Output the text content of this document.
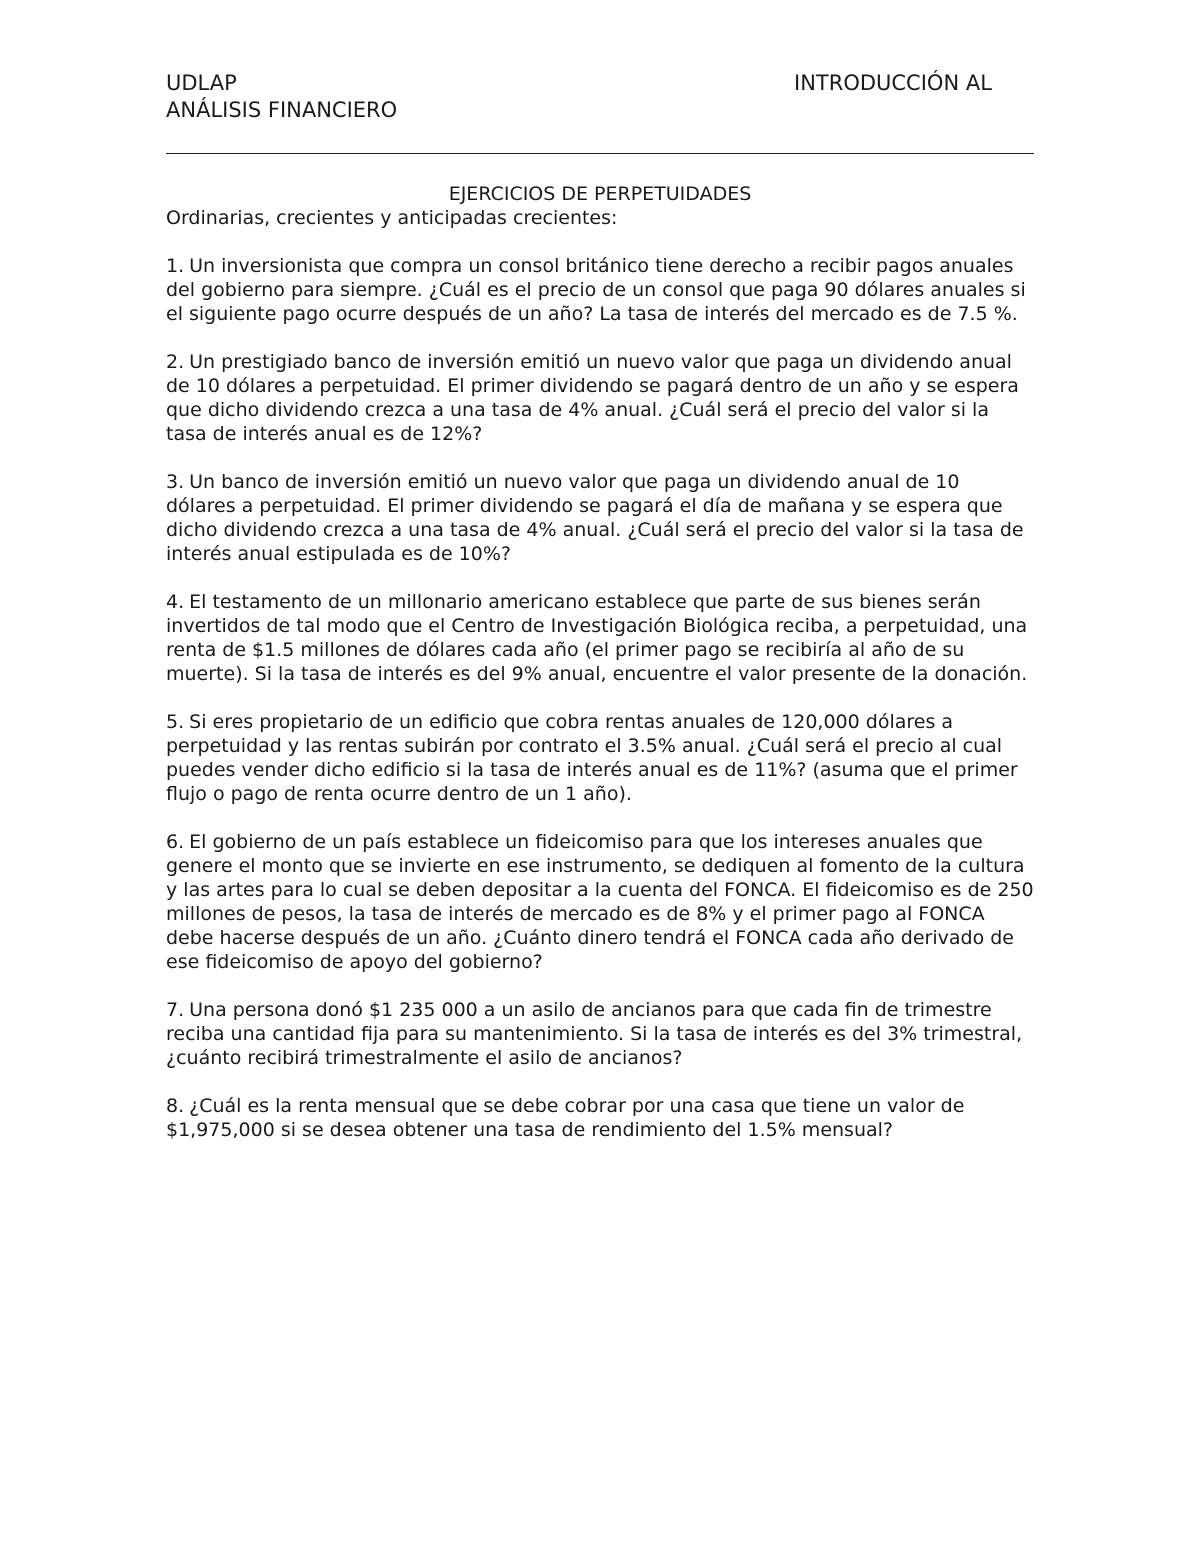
UDLAP	INTRODUCCIÓN AL
ANÁLISIS FINANCIERO
EJERCICIOS DE PERPETUIDADES
Ordinarias, crecientes y anticipadas crecientes:
1. Un inversionista que compra un consol británico tiene derecho a recibir pagos anuales del gobierno para siempre. ¿Cuál es el precio de un consol que paga 90 dólares anuales si el siguiente pago ocurre después de un año? La tasa de interés del mercado es de 7.5 %.
2. Un prestigiado banco de inversión emitió un nuevo valor que paga un dividendo anual de 10 dólares a perpetuidad. El primer dividendo se pagará dentro de un año y se espera que dicho dividendo crezca a una tasa de 4% anual. ¿Cuál será el precio del valor si la tasa de interés anual es de 12%?
3. Un banco de inversión emitió un nuevo valor que paga un dividendo anual de 10 dólares a perpetuidad. El primer dividendo se pagará el día de mañana y se espera que dicho dividendo crezca a una tasa de 4% anual. ¿Cuál será el precio del valor si la tasa de interés anual estipulada es de 10%?
4. El testamento de un millonario americano establece que parte de sus bienes serán invertidos de tal modo que el Centro de Investigación Biológica reciba, a perpetuidad, una renta de $1.5 millones de dólares cada año (el primer pago se recibiría al año de su muerte). Si la tasa de interés es del 9% anual, encuentre el valor presente de la donación.
5. Si eres propietario de un edificio que cobra rentas anuales de 120,000 dólares a perpetuidad y las rentas subirán por contrato el 3.5% anual. ¿Cuál será el precio al cual puedes vender dicho edificio si la tasa de interés anual es de 11%? (asuma que el primer flujo o pago de renta ocurre dentro de un 1 año).
6. El gobierno de un país establece un fideicomiso para que los intereses anuales que genere el monto que se invierte en ese instrumento, se dediquen al fomento de la cultura y las artes para lo cual se deben depositar a la cuenta del FONCA. El fideicomiso es de 250 millones de pesos, la tasa de interés de mercado es de 8% y el primer pago al FONCA debe hacerse después de un año. ¿Cuánto dinero tendrá el FONCA cada año derivado de ese fideicomiso de apoyo del gobierno?
7. Una persona donó $1 235 000 a un asilo de ancianos para que cada fin de trimestre reciba una cantidad fija para su mantenimiento. Si la tasa de interés es del 3% trimestral, ¿cuánto recibirá trimestralmente el asilo de ancianos?
8. ¿Cuál es la renta mensual que se debe cobrar por una casa que tiene un valor de $1,975,000 si se desea obtener una tasa de rendimiento del 1.5% mensual?
